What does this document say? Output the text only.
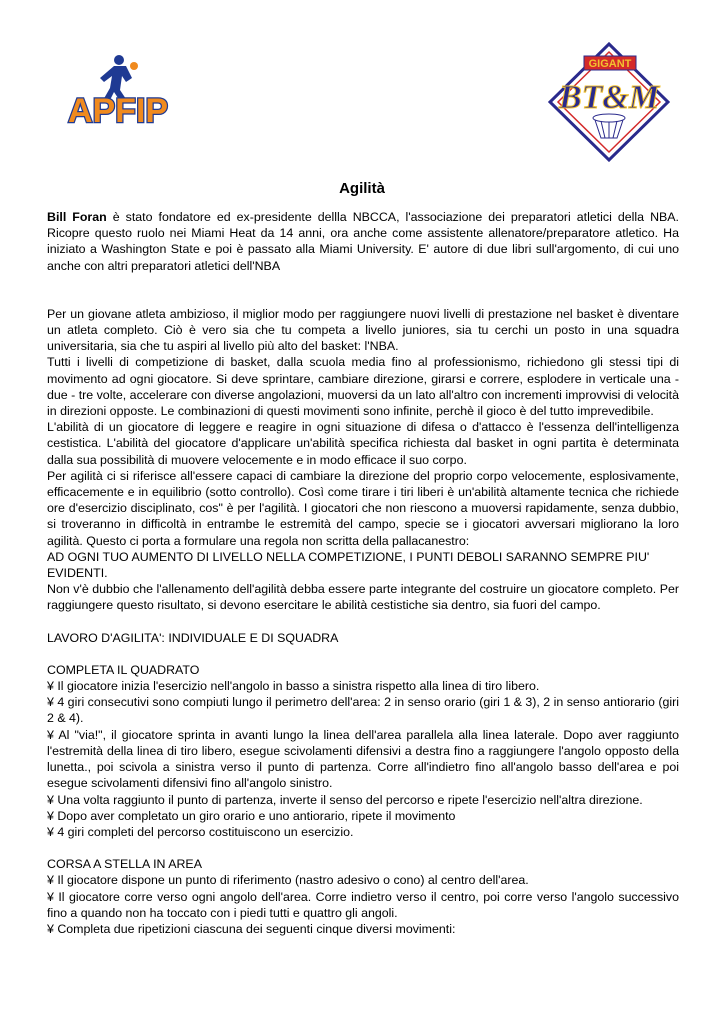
APFIP
GIGANT
BT&M
Agilità

Bill Foran è stato fondatore ed ex-presidente dellla NBCCA, l'associazione dei preparatori atletici della NBA. Ricopre questo ruolo nei Miami Heat da 14 anni, ora anche come assistente allenatore/preparatore atletico. Ha iniziato a Washington State e poi è passato alla Miami University. E' autore di due libri sull'argomento, di cui uno anche con altri preparatori atletici dell'NBA

Per un giovane atleta ambizioso, il miglior modo per raggiungere nuovi livelli di prestazione nel basket è diventare un atleta completo. Ciò è vero sia che tu competa a livello juniores, sia tu cerchi un posto in una squadra universitaria, sia che tu aspiri al livello più alto del basket: l'NBA.

Tutti i livelli di competizione di basket, dalla scuola media fino al professionismo, richiedono gli stessi tipi di movimento ad ogni giocatore. Si deve sprintare, cambiare direzione, girarsi e correre, esplodere in verticale una - due - tre volte, accelerare con diverse angolazioni, muoversi da un lato all'altro con incrementi improvvisi di velocità in direzioni opposte. Le combinazioni di questi movimenti sono infinite, perchè il gioco è del tutto imprevedibile.

L'abilità di un giocatore di leggere e reagire in ogni situazione di difesa o d'attacco è l'essenza dell'intelligenza cestistica. L'abilità del giocatore d'applicare un'abilità specifica richiesta dal basket in ogni partita è determinata dalla sua possibilità di muovere velocemente e in modo efficace il suo corpo.

Per agilità ci si riferisce all'essere capaci di cambiare la direzione del proprio corpo velocemente, esplosivamente, efficacemente e in equilibrio (sotto controllo). Così come tirare i tiri liberi è un'abilità altamente tecnica che richiede ore d'esercizio disciplinato, cos" è per l'agilità. I giocatori che non riescono a muoversi rapidamente, senza dubbio, si troveranno in difficoltà in entrambe le estremità del campo, specie se i giocatori avversari migliorano la loro agilità. Questo ci porta a formulare una regola non scritta della pallacanestro:

AD OGNI TUO AUMENTO DI LIVELLO NELLA COMPETIZIONE, I PUNTI DEBOLI SARANNO SEMPRE PIU' EVIDENTI.

Non v'è dubbio che l'allenamento dell'agilità debba essere parte integrante del costruire un giocatore completo. Per raggiungere questo risultato, si devono esercitare le abilità cestistiche sia dentro, sia fuori del campo.

LAVORO D'AGILITA': INDIVIDUALE E DI SQUADRA

COMPLETA IL QUADRATO

¥ Il giocatore inizia l'esercizio nell'angolo in basso a sinistra rispetto alla linea di tiro libero.

¥ 4 giri consecutivi sono compiuti lungo il perimetro dell'area: 2 in senso orario (giri 1 & 3), 2 in senso antiorario (giri 2 & 4).

¥ Al "via!", il giocatore sprinta in avanti lungo la linea dell'area parallela alla linea laterale. Dopo aver raggiunto l'estremità della linea di tiro libero, esegue scivolamenti difensivi a destra fino a raggiungere l'angolo opposto della lunetta., poi scivola a sinistra verso il punto di partenza. Corre all'indietro fino all'angolo basso dell'area e poi esegue scivolamenti difensivi fino all'angolo sinistro.

¥ Una volta raggiunto il punto di partenza, inverte il senso del percorso e ripete l'esercizio nell'altra direzione.

¥ Dopo aver completato un giro orario e uno antiorario, ripete il movimento

¥ 4 giri completi del percorso costituiscono un esercizio.

CORSA A STELLA IN AREA

¥ Il giocatore dispone un punto di riferimento (nastro adesivo o cono) al centro dell'area.

¥ Il giocatore corre verso ogni angolo dell'area. Corre indietro verso il centro, poi corre verso l'angolo successivo fino a quando non ha toccato con i piedi tutti e quattro gli angoli.

¥ Completa due ripetizioni ciascuna dei seguenti cinque diversi movimenti:
